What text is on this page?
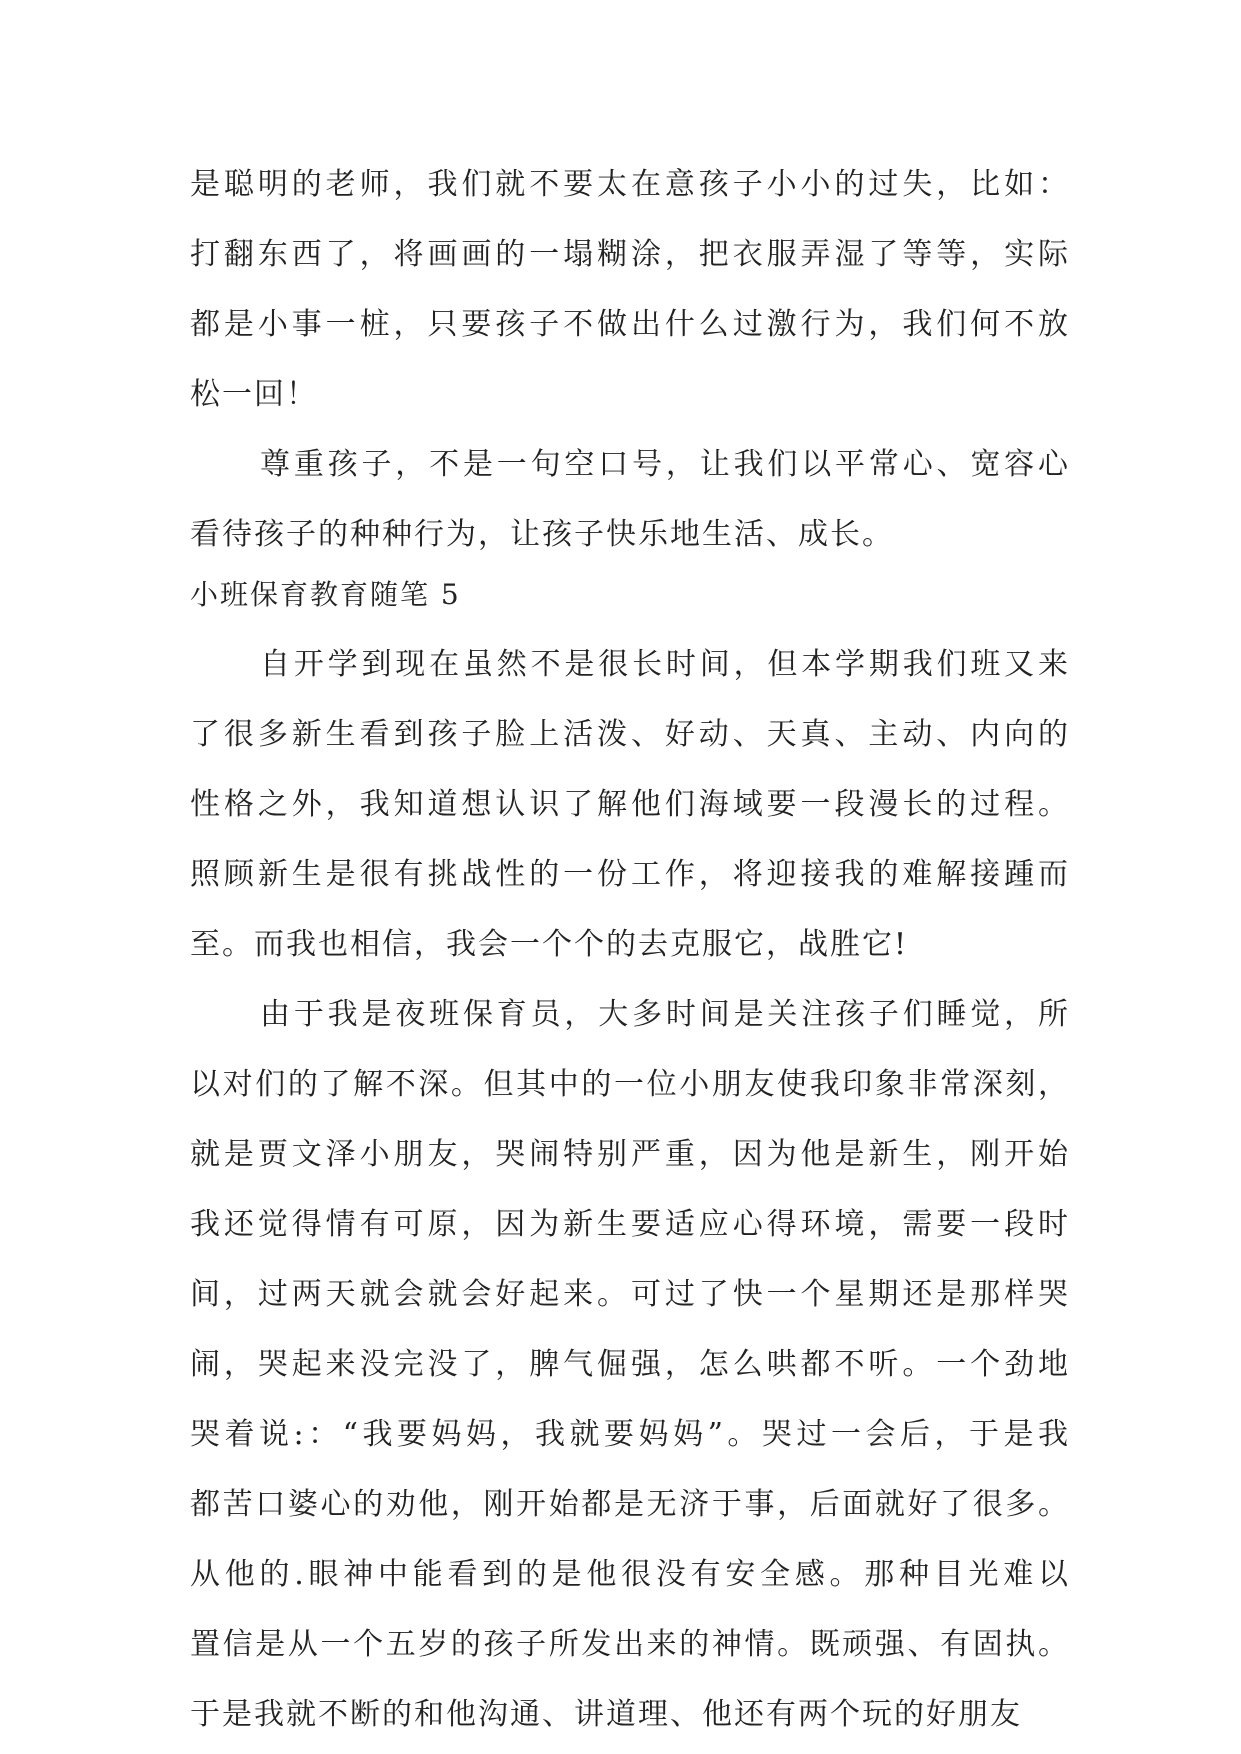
是聪明的老师，我们就不要太在意孩子小小的过失，比如：
打翻东西了，将画画的一塌糊涂，把衣服弄湿了等等，实际
都是小事一桩，只要孩子不做出什么过激行为，我们何不放
松一回！
尊重孩子，不是一句空口号，让我们以平常心、宽容心
看待孩子的种种行为，让孩子快乐地生活、成长。
小班保育教育随笔 5
自开学到现在虽然不是很长时间，但本学期我们班又来
了很多新生看到孩子脸上活泼、好动、天真、主动、内向的
性格之外，我知道想认识了解他们海域要一段漫长的过程。
照顾新生是很有挑战性的一份工作，将迎接我的难解接踵而
至。而我也相信，我会一个个的去克服它，战胜它!
由于我是夜班保育员，大多时间是关注孩子们睡觉，所
以对们的了解不深。但其中的一位小朋友使我印象非常深刻，
就是贾文泽小朋友，哭闹特别严重，因为他是新生，刚开始
我还觉得情有可原，因为新生要适应心得环境，需要一段时
间，过两天就会就会好起来。可过了快一个星期还是那样哭
闹，哭起来没完没了，脾气倔强，怎么哄都不听。一个劲地
哭着说:：“我要妈妈，我就要妈妈”。哭过一会后，于是我
都苦口婆心的劝他，刚开始都是无济于事，后面就好了很多。
从他的.眼神中能看到的是他很没有安全感。那种目光难以
置信是从一个五岁的孩子所发出来的神情。既顽强、有固执。
于是我就不断的和他沟通、讲道理、他还有两个玩的好朋友
